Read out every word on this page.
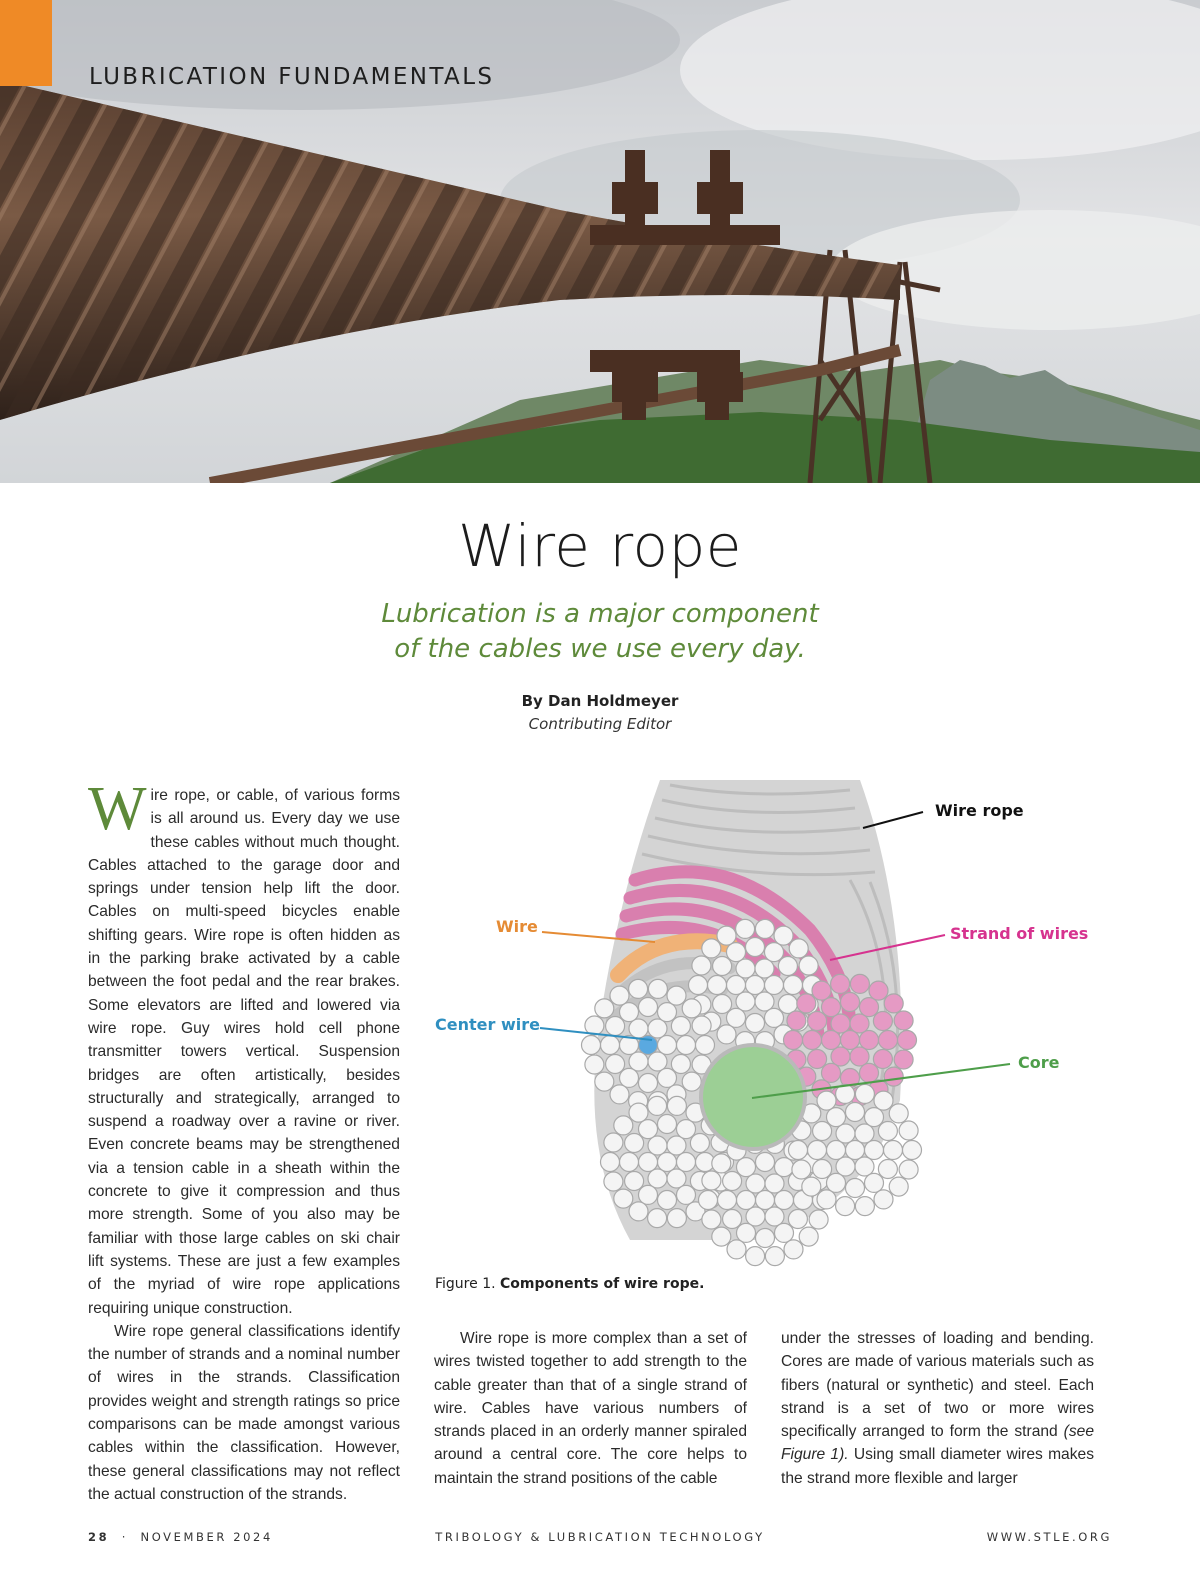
LUBRICATION FUNDAMENTALS
Wire rope
Lubrication is a major component
of the cables we use every day.
By Dan Holdmeyer
Contributing Editor

Wire rope, or cable, of various forms is all around us. Every day we use these cables without much thought. Cables attached to the garage door and springs under tension help lift the door. Cables on multi-speed bicycles enable shifting gears. Wire rope is often hidden as in the parking brake activated by a cable between the foot pedal and the rear brakes. Some elevators are lifted and lowered via wire rope. Guy wires hold cell phone transmitter towers vertical. Suspension bridges are often artistically, besides structurally and strategically, arranged to suspend a roadway over a ravine or river. Even concrete beams may be strengthened via a tension cable in a sheath within the concrete to give it compression and thus more strength. Some of you also may be familiar with those large cables on ski chair lift systems. These are just a few examples of the myriad of wire rope applications requiring unique construction.

Wire rope general classifications identify the number of strands and a nominal number of wires in the strands. Classification provides weight and strength ratings so price comparisons can be made amongst various cables within the classification. However, these general classifications may not reflect the actual construction of the strands.

Wire rope
Wire	Strand of wires
Center wire
Core
Figure 1. Components of wire rope.

Wire rope is more complex than a set of wires twisted together to add strength to the cable greater than that of a single strand of wire. Cables have various numbers of strands placed in an orderly manner spiraled around a central core. The core helps to maintain the strand positions of the cable

under the stresses of loading and bending. Cores are made of various materials such as fibers (natural or synthetic) and steel. Each strand is a set of two or more wires specifically arranged to form the strand (see Figure 1). Using small diameter wires makes the strand more flexible and larger

28 · NOVEMBER 2024	TRIBOLOGY & LUBRICATION TECHNOLOGY	WWW.STLE.ORG
